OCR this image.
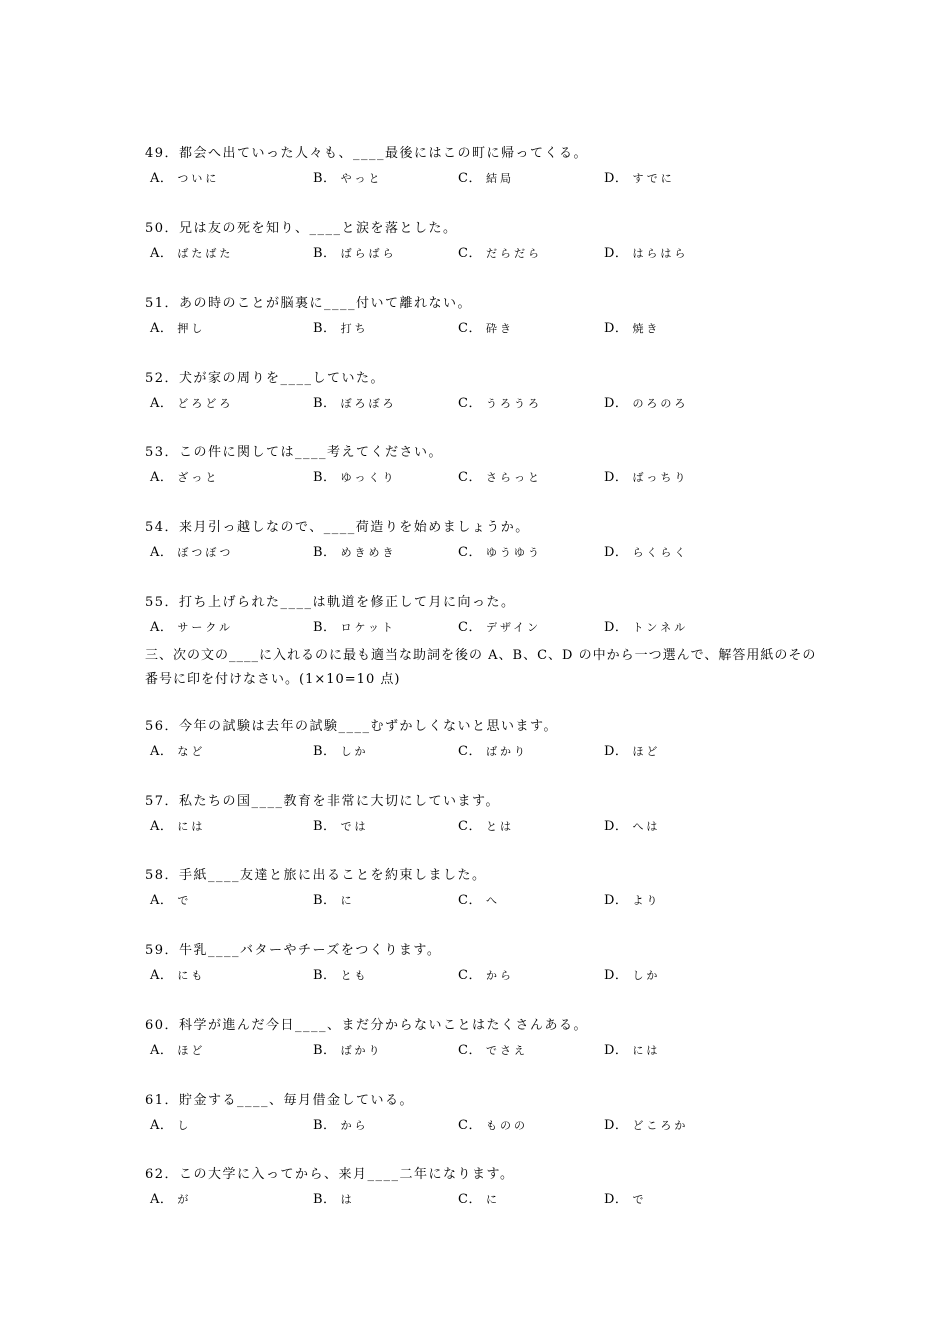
49．都会へ出ていった人々も、____最後にはこの町に帰ってくる。
A． ついに	B． やっと	C． 結局	D． すでに
50．兄は友の死を知り、____と涙を落とした。
A． ばたばた	B． ばらばら	C． だらだら	D． はらはら
51．あの時のことが脳裏に____付いて離れない。
A． 押し	B． 打ち	C． 砕き	D． 焼き
52．犬が家の周りを____していた。
A． どろどろ	B． ぼろぼろ	C． うろうろ	D． のろのろ
53．この件に関しては____考えてください。
A． ざっと	B． ゆっくり	C． さらっと	D． ばっちり
54．来月引っ越しなので、____荷造りを始めましょうか。
A． ぼつぼつ	B． めきめき	C． ゆうゆう	D． らくらく
55．打ち上げられた____は軌道を修正して月に向った。
A． サークル	B． ロケット	C． デザイン	D． トンネル
三、次の文の____に入れるのに最も適当な助詞を後の A、B、C、D の中から一つ選んで、解答用紙のその番号に印を付けなさい。(1×10=10 点)
56．今年の試験は去年の試験____むずかしくないと思います。
A． など	B． しか	C． ばかり	D． ほど
57．私たちの国____教育を非常に大切にしています。
A． には	B． では	C． とは	D． へは
58．手紙____友達と旅に出ることを約束しました。
A． で	B． に	C． へ	D． より
59．牛乳____バターやチーズをつくります。
A． にも	B． とも	C． から	D． しか
60．科学が進んだ今日____、まだ分からないことはたくさんある。
A． ほど	B． ばかり	C． でさえ	D． には
61．貯金する____、毎月借金している。
A． し	B． から	C． ものの	D． どころか
62．この大学に入ってから、来月____二年になります。
A． が	B． は	C． に	D． で
